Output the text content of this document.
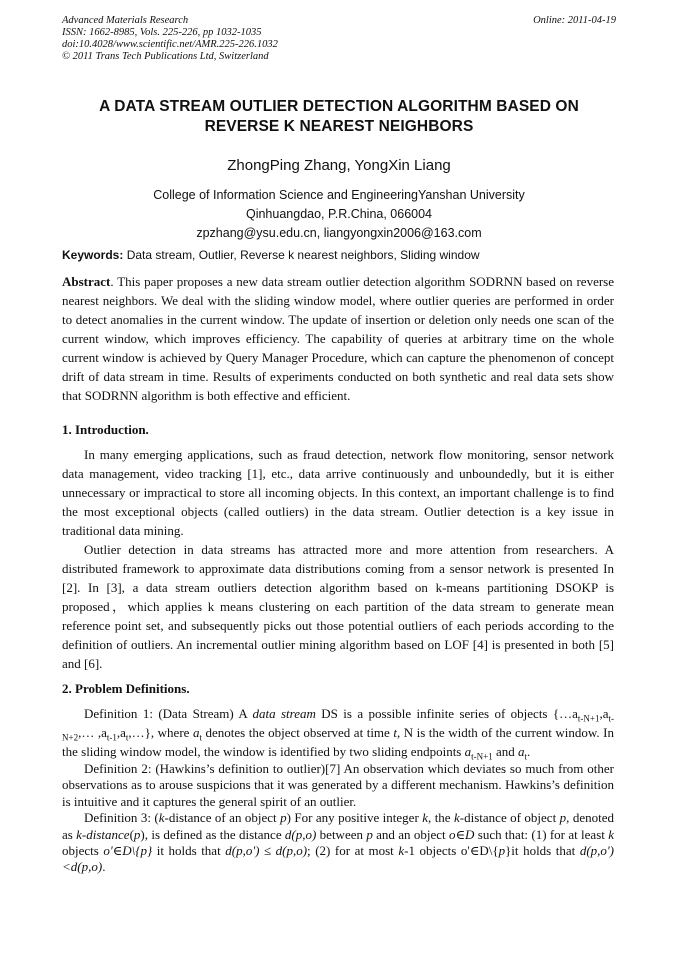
Advanced Materials Research
ISSN: 1662-8985, Vols. 225-226, pp 1032-1035
doi:10.4028/www.scientific.net/AMR.225-226.1032
© 2011 Trans Tech Publications Ltd, Switzerland
Online: 2011-04-19
A DATA STREAM OUTLIER DETECTION ALGORITHM BASED ON
REVERSE K NEAREST NEIGHBORS
ZhongPing Zhang, YongXin Liang
College of Information Science and EngineeringYanshan University
Qinhuangdao, P.R.China, 066004
zpzhang@ysu.edu.cn, liangyongxin2006@163.com
Keywords: Data stream, Outlier, Reverse k nearest neighbors, Sliding window

Abstract. This paper proposes a new data stream outlier detection algorithm SODRNN based on reverse nearest neighbors. We deal with the sliding window model, where outlier queries are performed in order to detect anomalies in the current window. The update of insertion or deletion only needs one scan of the current window, which improves efficiency. The capability of queries at arbitrary time on the whole current window is achieved by Query Manager Procedure, which can capture the phenomenon of concept drift of data stream in time. Results of experiments conducted on both synthetic and real data sets show that SODRNN algorithm is both effective and efficient.

1. Introduction.

In many emerging applications, such as fraud detection, network flow monitoring, sensor network data management, video tracking [1], etc., data arrive continuously and unboundedly, but it is either unnecessary or impractical to store all incoming objects. In this context, an important challenge is to find the most exceptional objects (called outliers) in the data stream. Outlier detection is a key issue in traditional data mining.

Outlier detection in data streams has attracted more and more attention from researchers. A distributed framework to approximate data distributions coming from a sensor network is presented In [2]. In [3], a data stream outliers detection algorithm based on k-means partitioning DSOKP is proposed，which applies k means clustering on each partition of the data stream to generate mean reference point set, and subsequently picks out those potential outliers of each periods according to the definition of outliers. An incremental outlier mining algorithm based on LOF [4] is presented in both [5] and [6].

2. Problem Definitions.

Definition 1: (Data Stream) A data stream DS is a possible infinite series of objects {$\dots a_{t-N+1},a_{t-N+2},\dots$ $,a_{t-1},a_t,\dots$}, where $a_t$ denotes the object observed at time t, N is the width of the current window. In the sliding window model, the window is identified by two sliding endpoints $a_{t-N+1}$ and $a_t$.

Definition 2: (Hawkins’s definition to outlier)[7] An observation which deviates so much from other observations as to arouse suspicions that it was generated by a different mechanism. Hawkins’s definition is intuitive and it captures the general spirit of an outlier.

Definition 3: (k-distance of an object p) For any positive integer k, the k-distance of object p, denoted as k-distance(p), is defined as the distance d(p,o) between p and an object o∈D such that: (1) for at least k objects o'∈D\{p} it holds that d(p,o') ≤ d(p,o); (2) for at most k-1 objects o'∈D\{p}it holds that d(p,o')<d(p,o).
